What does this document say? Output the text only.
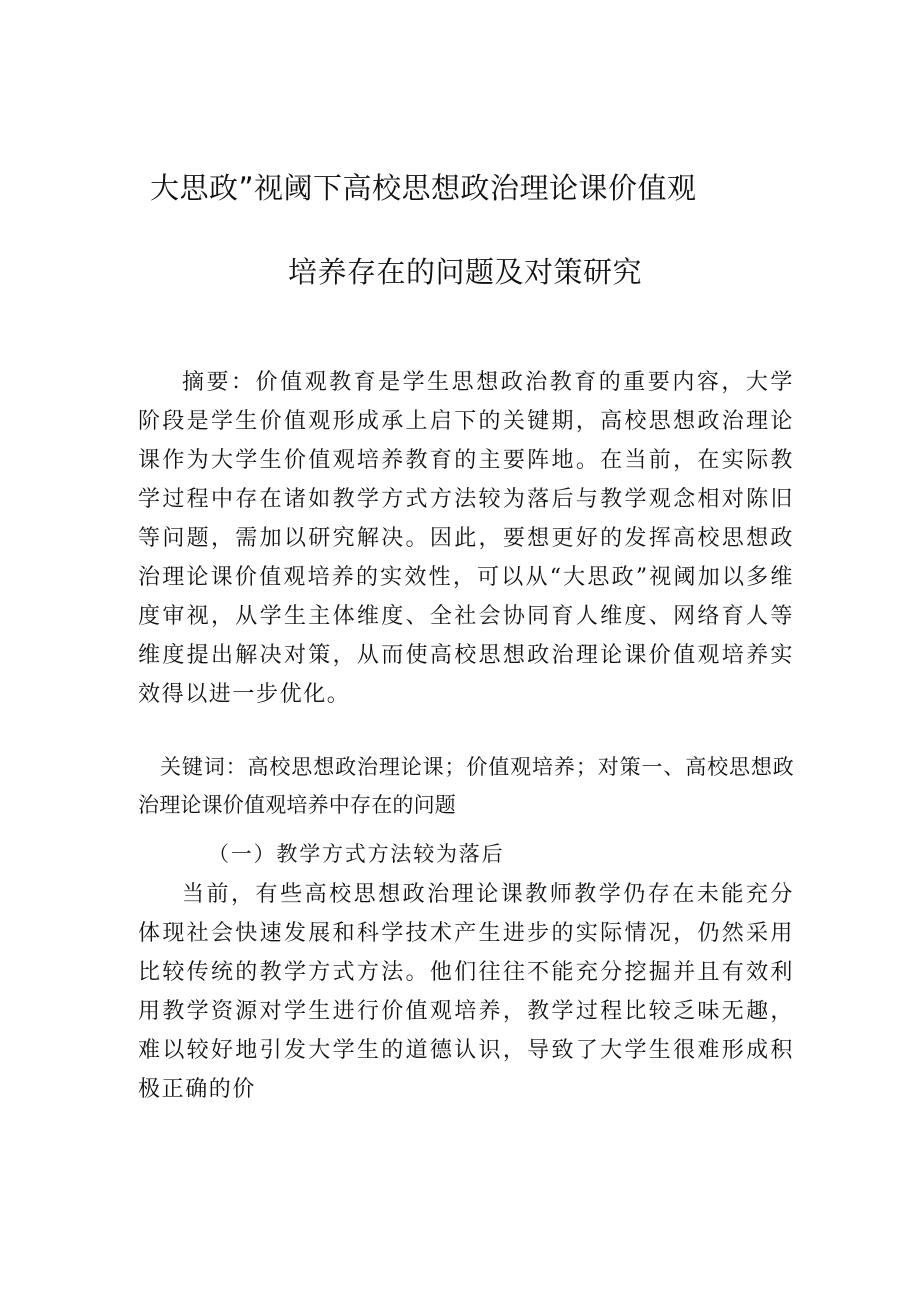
大思政”视阈下高校思想政治理论课价值观
培养存在的问题及对策研究

摘要：价值观教育是学生思想政治教育的重要内容，大学阶段是学生价值观形成承上启下的关键期，高校思想政治理论课作为大学生价值观培养教育的主要阵地。在当前，在实际教学过程中存在诸如教学方式方法较为落后与教学观念相对陈旧等问题，需加以研究解决。因此，要想更好的发挥高校思想政治理论课价值观培养的实效性，可以从“大思政”视阈加以多维度审视，从学生主体维度、全社会协同育人维度、网络育人等维度提出解决对策，从而使高校思想政治理论课价值观培养实效得以进一步优化。

关键词：高校思想政治理论课；价值观培养；对策一、高校思想政治理论课价值观培养中存在的问题

（一）教学方式方法较为落后

当前，有些高校思想政治理论课教师教学仍存在未能充分体现社会快速发展和科学技术产生进步的实际情况，仍然采用比较传统的教学方式方法。他们往往不能充分挖掘并且有效利用教学资源对学生进行价值观培养，教学过程比较乏味无趣，难以较好地引发大学生的道德认识，导致了大学生很难形成积极正确的价
